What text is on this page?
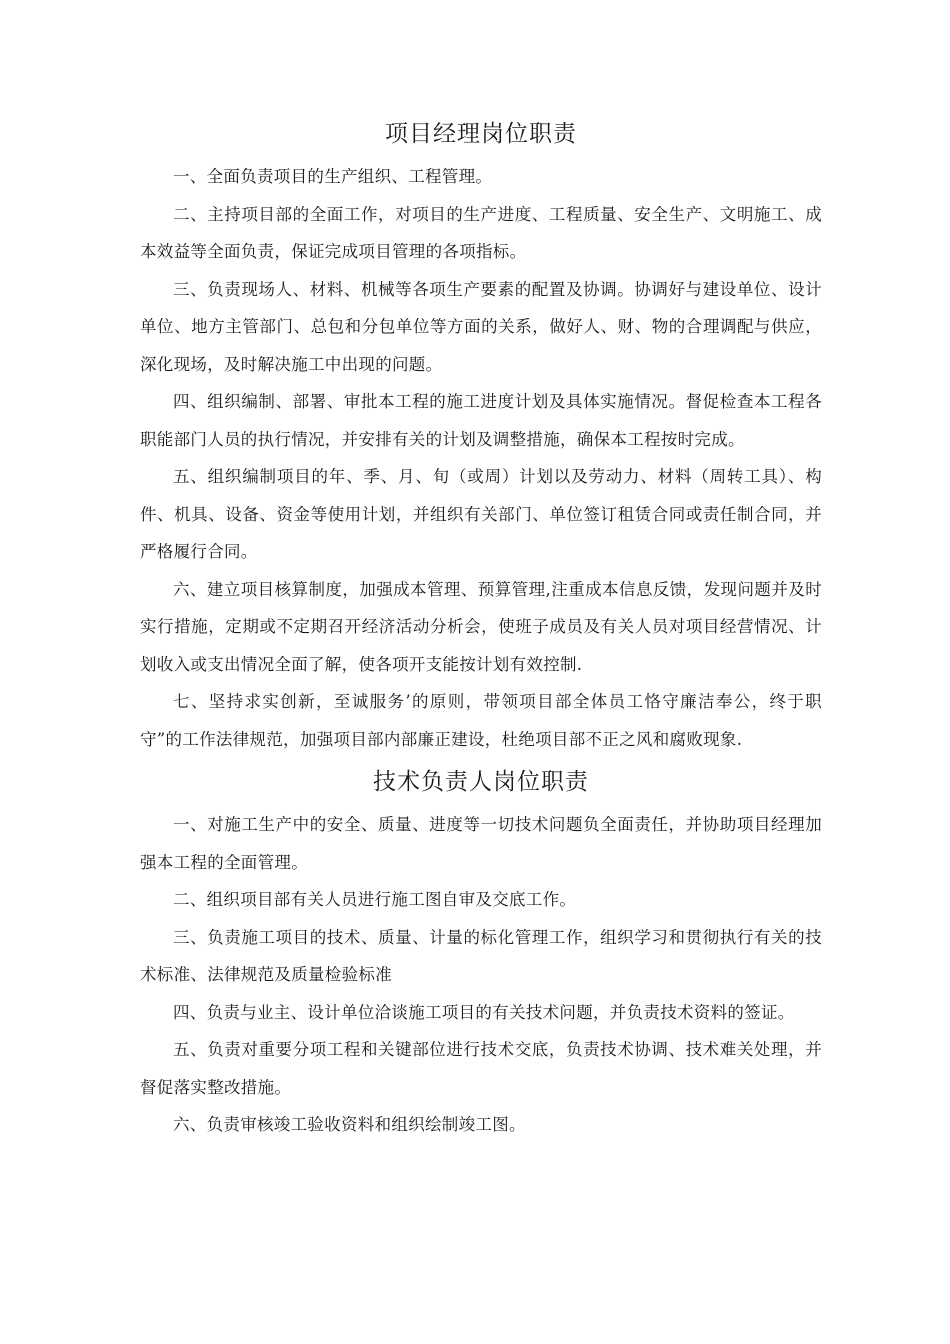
项目经理岗位职责

一、全面负责项目的生产组织、工程管理。

二、主持项目部的全面工作，对项目的生产进度、工程质量、安全生产、文明施工、成本效益等全面负责，保证完成项目管理的各项指标。

三、负责现场人、材料、机械等各项生产要素的配置及协调。协调好与建设单位、设计单位、地方主管部门、总包和分包单位等方面的关系，做好人、财、物的合理调配与供应，深化现场，及时解决施工中出现的问题。

四、组织编制、部署、审批本工程的施工进度计划及具体实施情况。督促检查本工程各职能部门人员的执行情况，并安排有关的计划及调整措施，确保本工程按时完成。

五、组织编制项目的年、季、月、旬（或周）计划以及劳动力、材料（周转工具）、构件、机具、设备、资金等使用计划，并组织有关部门、单位签订租赁合同或责任制合同，并严格履行合同。

六、建立项目核算制度，加强成本管理、预算管理,注重成本信息反馈，发现问题并及时实行措施，定期或不定期召开经济活动分析会，使班子成员及有关人员对项目经营情况、计划收入或支出情况全面了解，使各项开支能按计划有效控制.

七、坚持求实创新，至诚服务’的原则，带领项目部全体员工恪守廉洁奉公，终于职守”的工作法律规范，加强项目部内部廉正建设，杜绝项目部不正之风和腐败现象.

技术负责人岗位职责

一、对施工生产中的安全、质量、进度等一切技术问题负全面责任，并协助项目经理加强本工程的全面管理。

二、组织项目部有关人员进行施工图自审及交底工作。

三、负责施工项目的技术、质量、计量的标化管理工作，组织学习和贯彻执行有关的技术标准、法律规范及质量检验标准

四、负责与业主、设计单位洽谈施工项目的有关技术问题，并负责技术资料的签证。

五、负责对重要分项工程和关键部位进行技术交底，负责技术协调、技术难关处理，并督促落实整改措施。

六、负责审核竣工验收资料和组织绘制竣工图。
